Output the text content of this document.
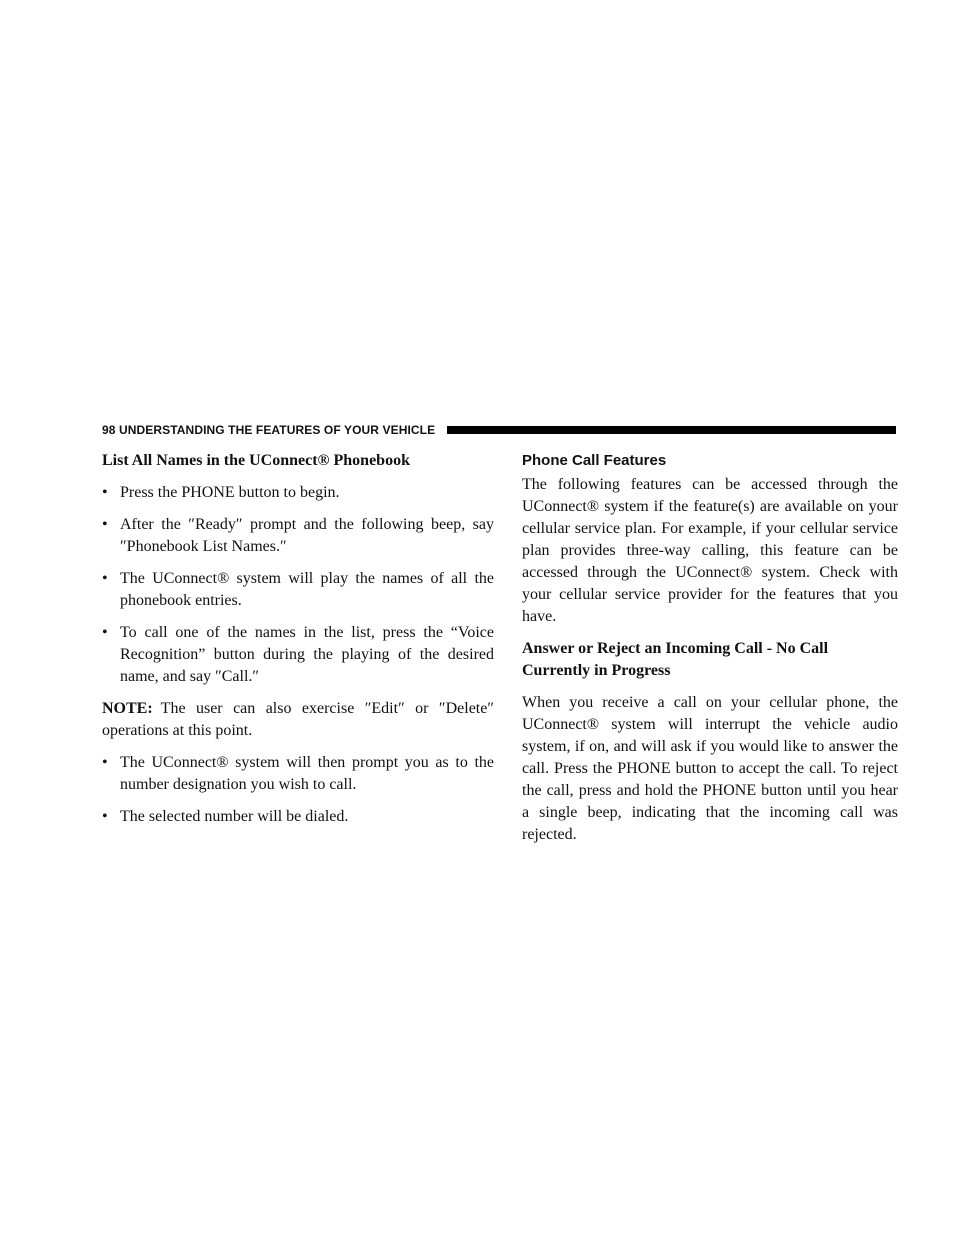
98 UNDERSTANDING THE FEATURES OF YOUR VEHICLE
List All Names in the UConnect® Phonebook
• Press the PHONE button to begin.
• After the ″Ready″ prompt and the following beep, say ″Phonebook List Names.″
• The UConnect® system will play the names of all the phonebook entries.
• To call one of the names in the list, press the “Voice Recognition” button during the playing of the desired name, and say ″Call.″
NOTE: The user can also exercise ″Edit″ or ″Delete″ operations at this point.
• The UConnect® system will then prompt you as to the number designation you wish to call.
• The selected number will be dialed.
Phone Call Features

The following features can be accessed through the UConnect® system if the feature(s) are available on your cellular service plan. For example, if your cellular service plan provides three-way calling, this feature can be accessed through the UConnect® system. Check with your cellular service provider for the features that you have.

Answer or Reject an Incoming Call - No Call Currently in Progress

When you receive a call on your cellular phone, the UConnect® system will interrupt the vehicle audio system, if on, and will ask if you would like to answer the call. Press the PHONE button to accept the call. To reject the call, press and hold the PHONE button until you hear a single beep, indicating that the incoming call was rejected.
